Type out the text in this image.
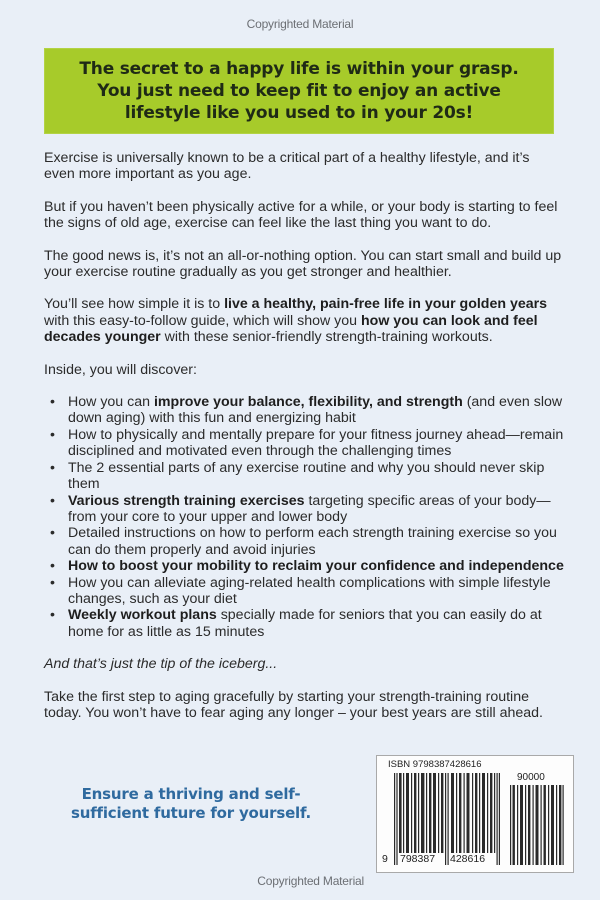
Copyrighted Material
The secret to a happy life is within your grasp. You just need to keep fit to enjoy an active lifestyle like you used to in your 20s!

Exercise is universally known to be a critical part of a healthy lifestyle, and it’s even more important as you age.

But if you haven’t been physically active for a while, or your body is starting to feel the signs of old age, exercise can feel like the last thing you want to do.

The good news is, it’s not an all-or-nothing option. You can start small and build up your exercise routine gradually as you get stronger and healthier.

You’ll see how simple it is to live a healthy, pain-free life in your golden years with this easy-to-follow guide, which will show you how you can look and feel decades younger with these senior-friendly strength-training workouts.

Inside, you will discover:

• How you can improve your balance, flexibility, and strength (and even slow down aging) with this fun and energizing habit
• How to physically and mentally prepare for your fitness journey ahead—remain disciplined and motivated even through the challenging times
• The 2 essential parts of any exercise routine and why you should never skip them
• Various strength training exercises targeting specific areas of your body—from your core to your upper and lower body
• Detailed instructions on how to perform each strength training exercise so you can do them properly and avoid injuries
• How to boost your mobility to reclaim your confidence and independence
• How you can alleviate aging-related health complications with simple lifestyle changes, such as your diet
• Weekly workout plans specially made for seniors that you can easily do at home for as little as 15 minutes

And that’s just the tip of the iceberg...

Take the first step to aging gracefully by starting your strength-training routine today. You won’t have to fear aging any longer – your best years are still ahead.

Ensure a thriving and self-sufficient future for yourself.
ISBN 9798387428616
90000
9 798387 428616
Copyrighted Material
